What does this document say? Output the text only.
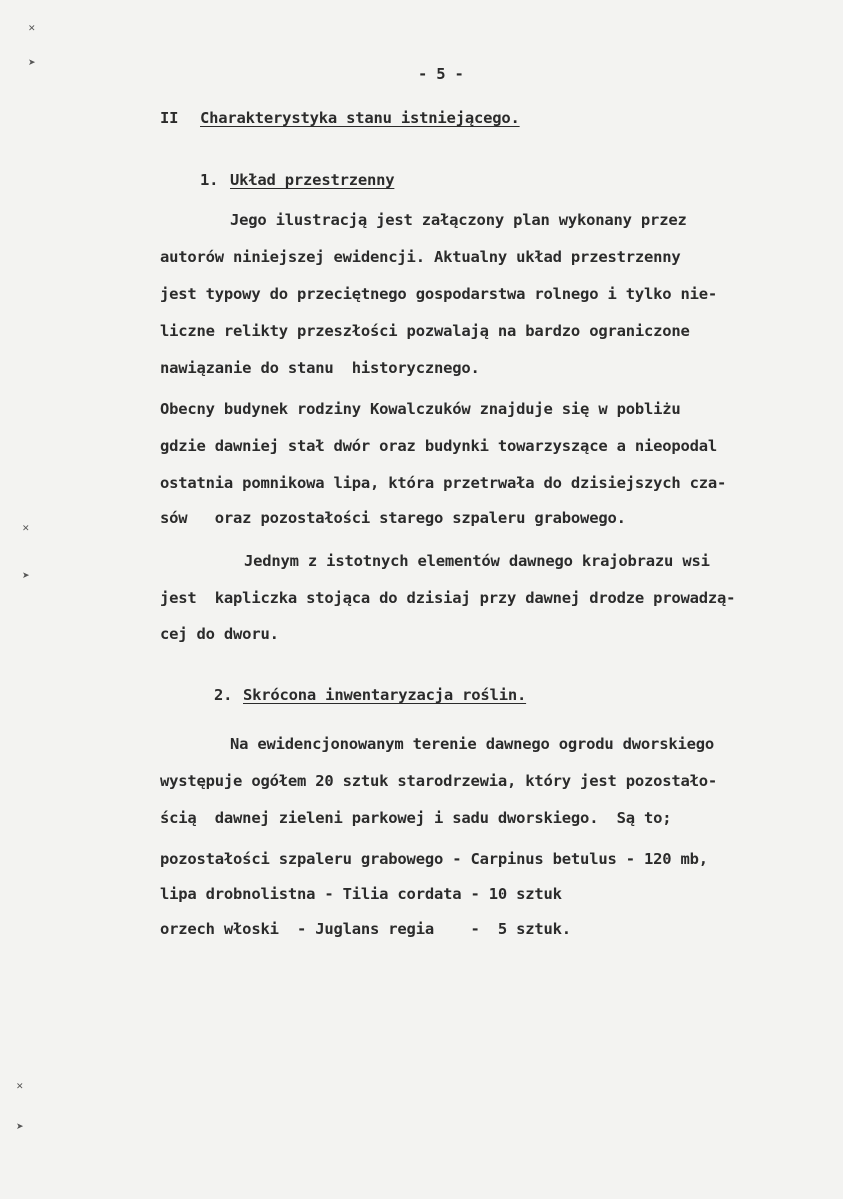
✕
➤
✕
➤
✕
➤
- 5 -
II Charakterystyka stanu istniejącego.
1. Układ przestrzenny
Jego ilustracją jest załączony plan wykonany przez
autorów niniejszej ewidencji. Aktualny układ przestrzenny
jest typowy do przeciętnego gospodarstwa rolnego i tylko nie-
liczne relikty przeszłości pozwalają na bardzo ograniczone
nawiązanie do stanu  historycznego.
Obecny budynek rodziny Kowalczuków znajduje się w pobliżu
gdzie dawniej stał dwór oraz budynki towarzyszące a nieopodal
ostatnia pomnikowa lipa, która przetrwała do dzisiejszych cza-
sów   oraz pozostałości starego szpaleru grabowego.
Jednym z istotnych elementów dawnego krajobrazu wsi
jest  kapliczka stojąca do dzisiaj przy dawnej drodze prowadzą-
cej do dworu.
2. Skrócona inwentaryzacja roślin.
Na ewidencjonowanym terenie dawnego ogrodu dworskiego
występuje ogółem 20 sztuk starodrzewia, który jest pozostało-
ścią  dawnej zieleni parkowej i sadu dworskiego.  Są to;
pozostałości szpaleru grabowego - Carpinus betulus - 120 mb,
lipa drobnolistna - Tilia cordata - 10 sztuk
orzech włoski  - Juglans regia    -  5 sztuk.
